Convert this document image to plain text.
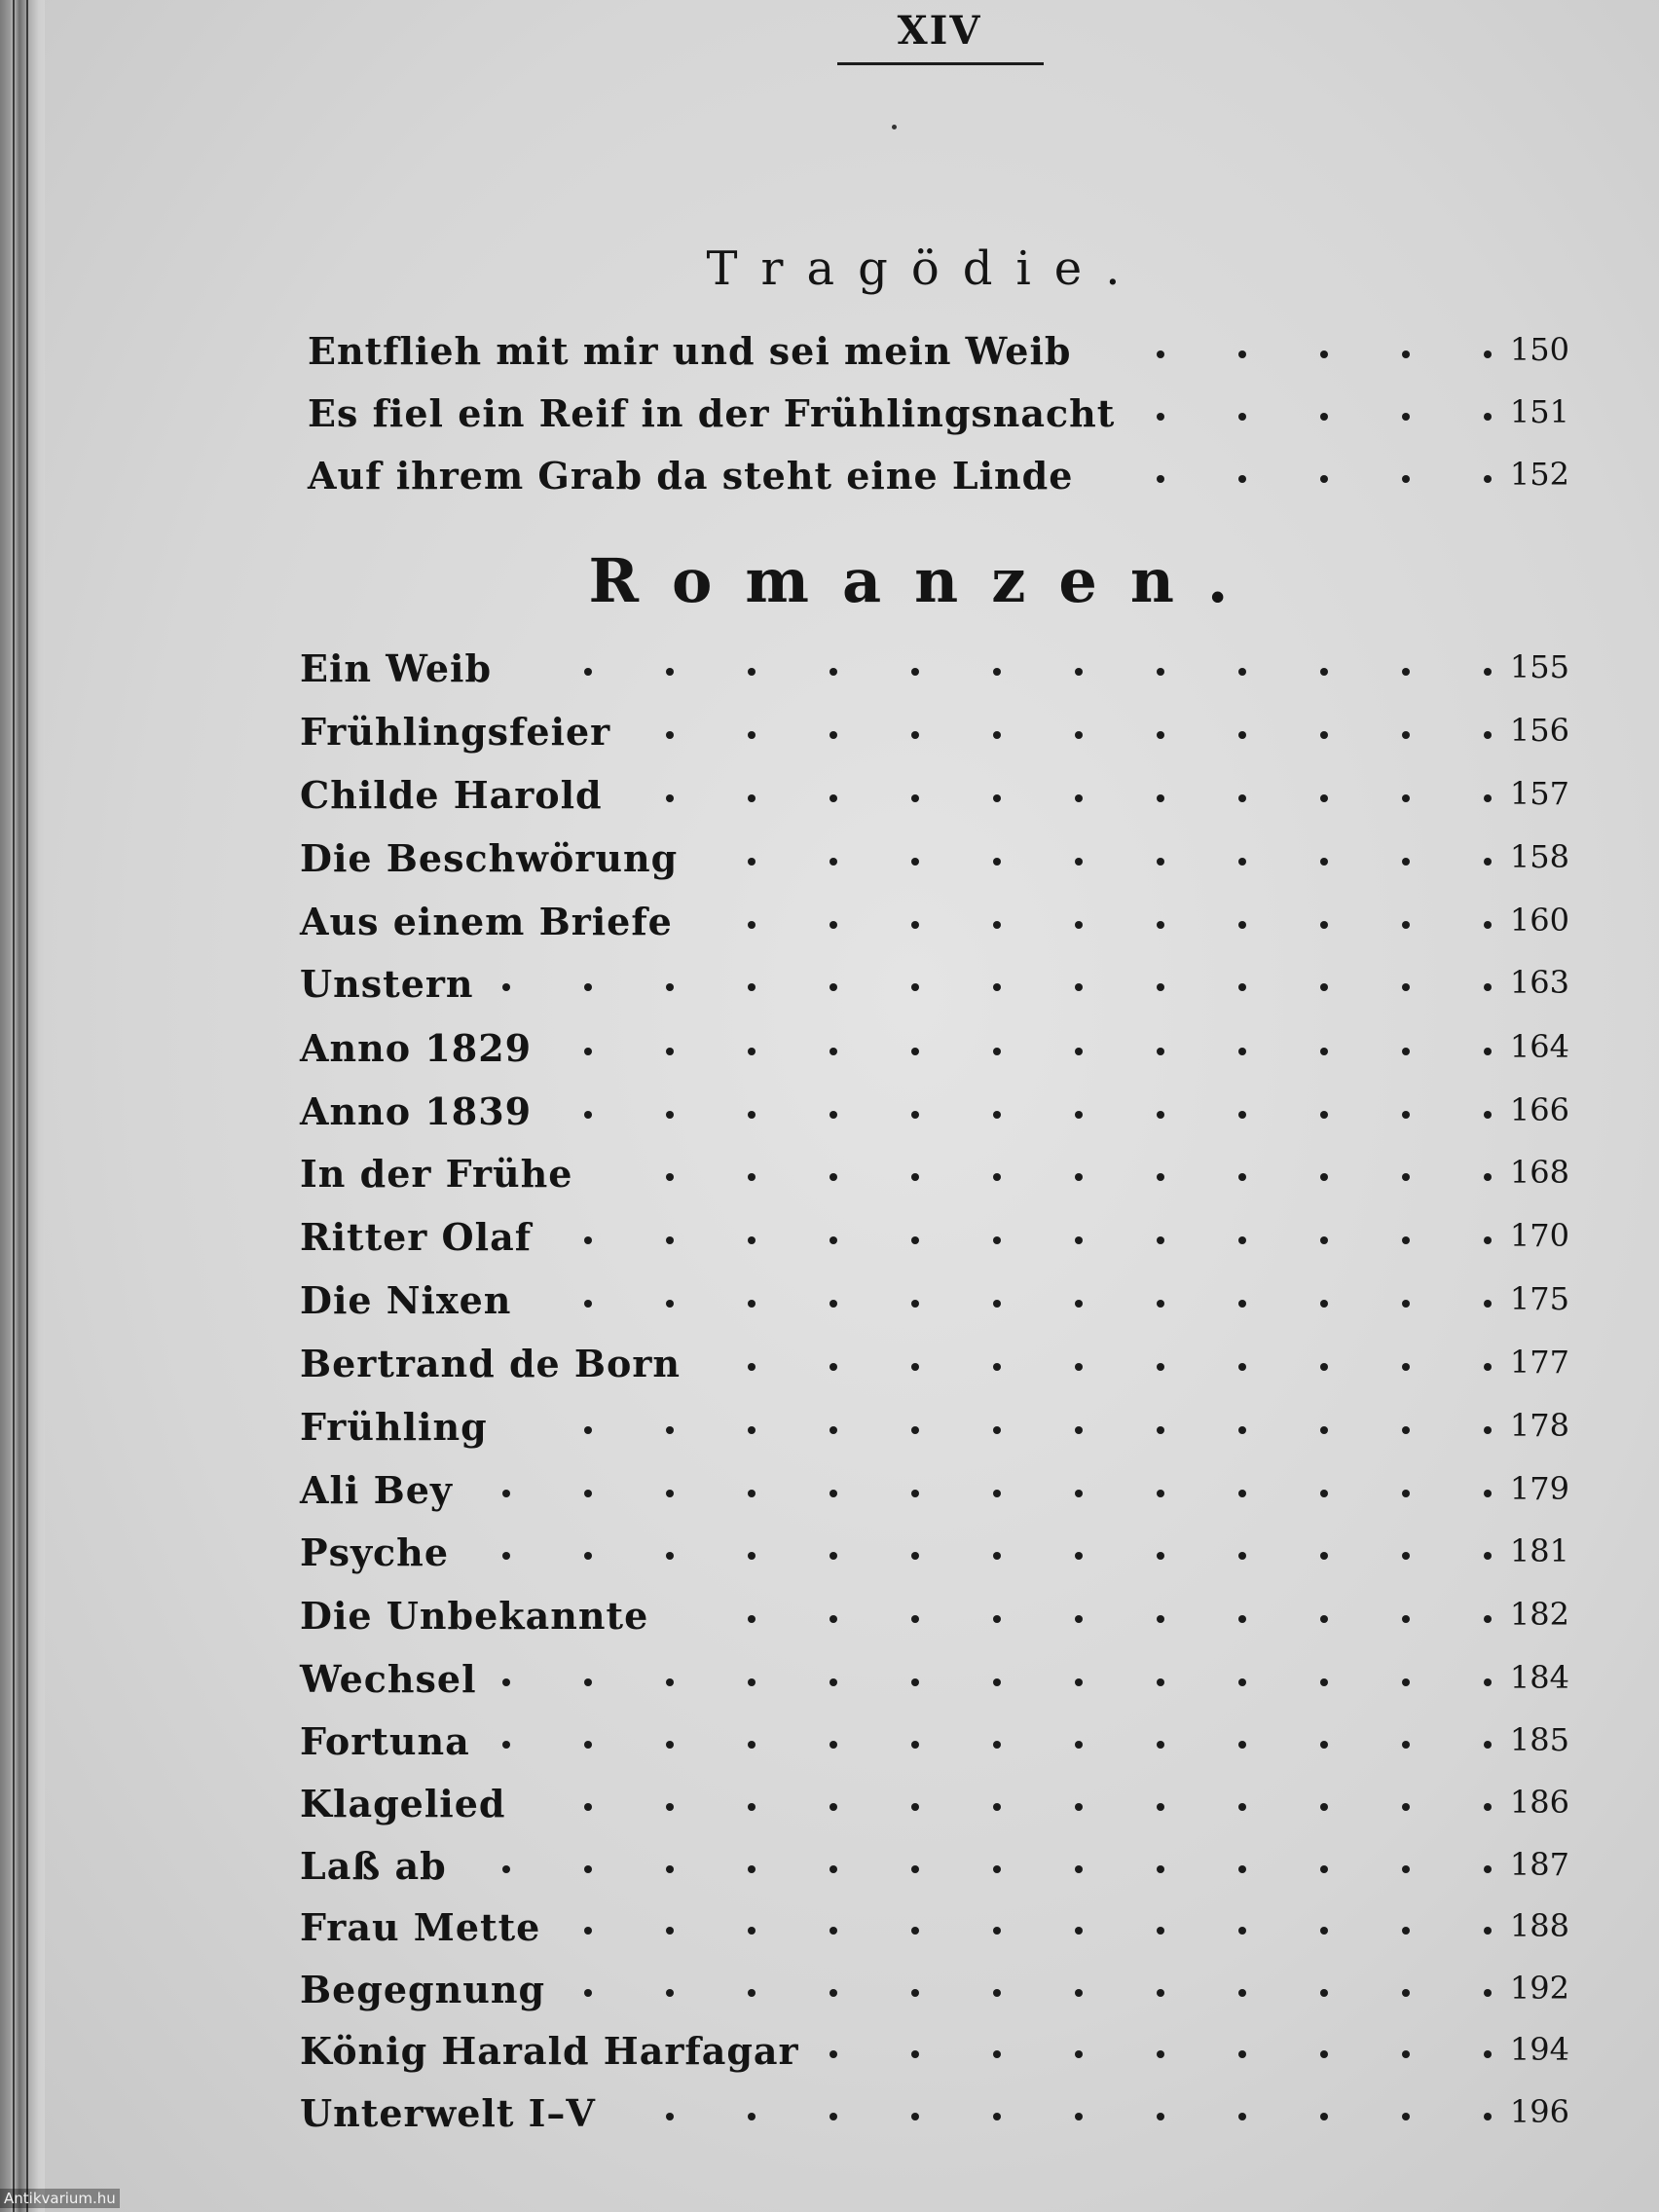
XIV
Tragödie.
Romanzen.
Entflieh mit mir und sei mein Weib	150
Es fiel ein Reif in der Frühlingsnacht	151
Auf ihrem Grab da steht eine Linde	152
Ein Weib	155
Frühlingsfeier	156
Childe Harold	157
Die Beschwörung	158
Aus einem Briefe	160
Unstern	163
Anno 1829	164
Anno 1839	166
In der Frühe	168
Ritter Olaf	170
Die Nixen	175
Bertrand de Born	177
Frühling	178
Ali Bey	179
Psyche	181
Die Unbekannte	182
Wechsel	184
Fortuna	185
Klagelied	186
Laß ab	187
Frau Mette	188
Begegnung	192
König Harald Harfagar	194
Unterwelt I–V	196
Antikvarium.hu
